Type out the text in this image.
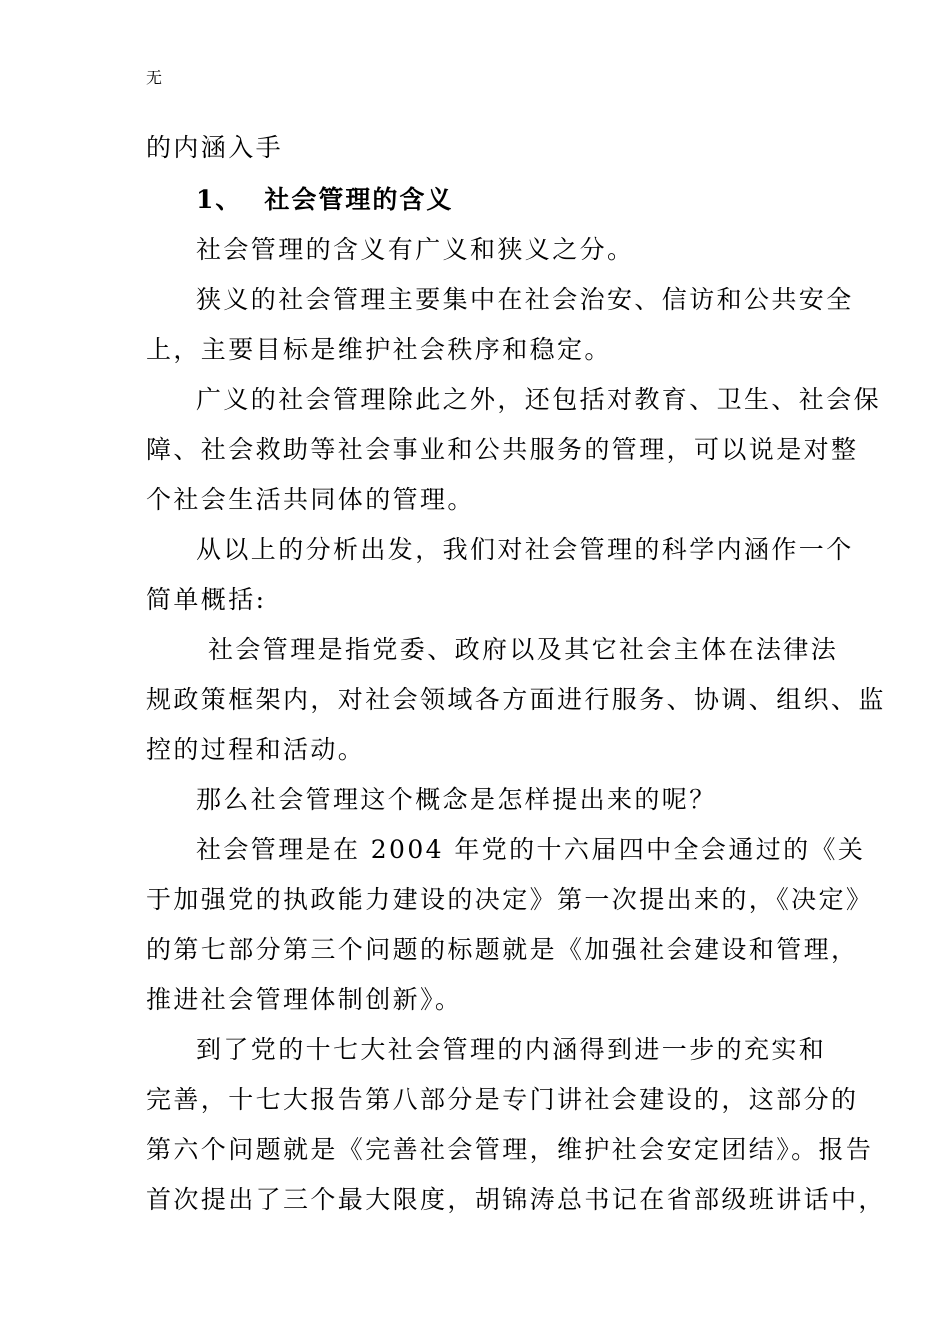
无
的内涵入手
1、 社会管理的含义
社会管理的含义有广义和狭义之分。
狭义的社会管理主要集中在社会治安、信访和公共安全
上，主要目标是维护社会秩序和稳定。
广义的社会管理除此之外，还包括对教育、卫生、社会保
障、社会救助等社会事业和公共服务的管理，可以说是对整
个社会生活共同体的管理。
从以上的分析出发，我们对社会管理的科学内涵作一个
简单概括:
社会管理是指党委、政府以及其它社会主体在法律法
规政策框架内，对社会领域各方面进行服务、协调、组织、监
控的过程和活动。
那么社会管理这个概念是怎样提出来的呢？
社会管理是在 2004 年党的十六届四中全会通过的《关
于加强党的执政能力建设的决定》第一次提出来的，《决定》
的第七部分第三个问题的标题就是《加强社会建设和管理，
推进社会管理体制创新》。
到了党的十七大社会管理的内涵得到进一步的充实和
完善，十七大报告第八部分是专门讲社会建设的，这部分的
第六个问题就是《完善社会管理，维护社会安定团结》。报告
首次提出了三个最大限度，胡锦涛总书记在省部级班讲话中，
